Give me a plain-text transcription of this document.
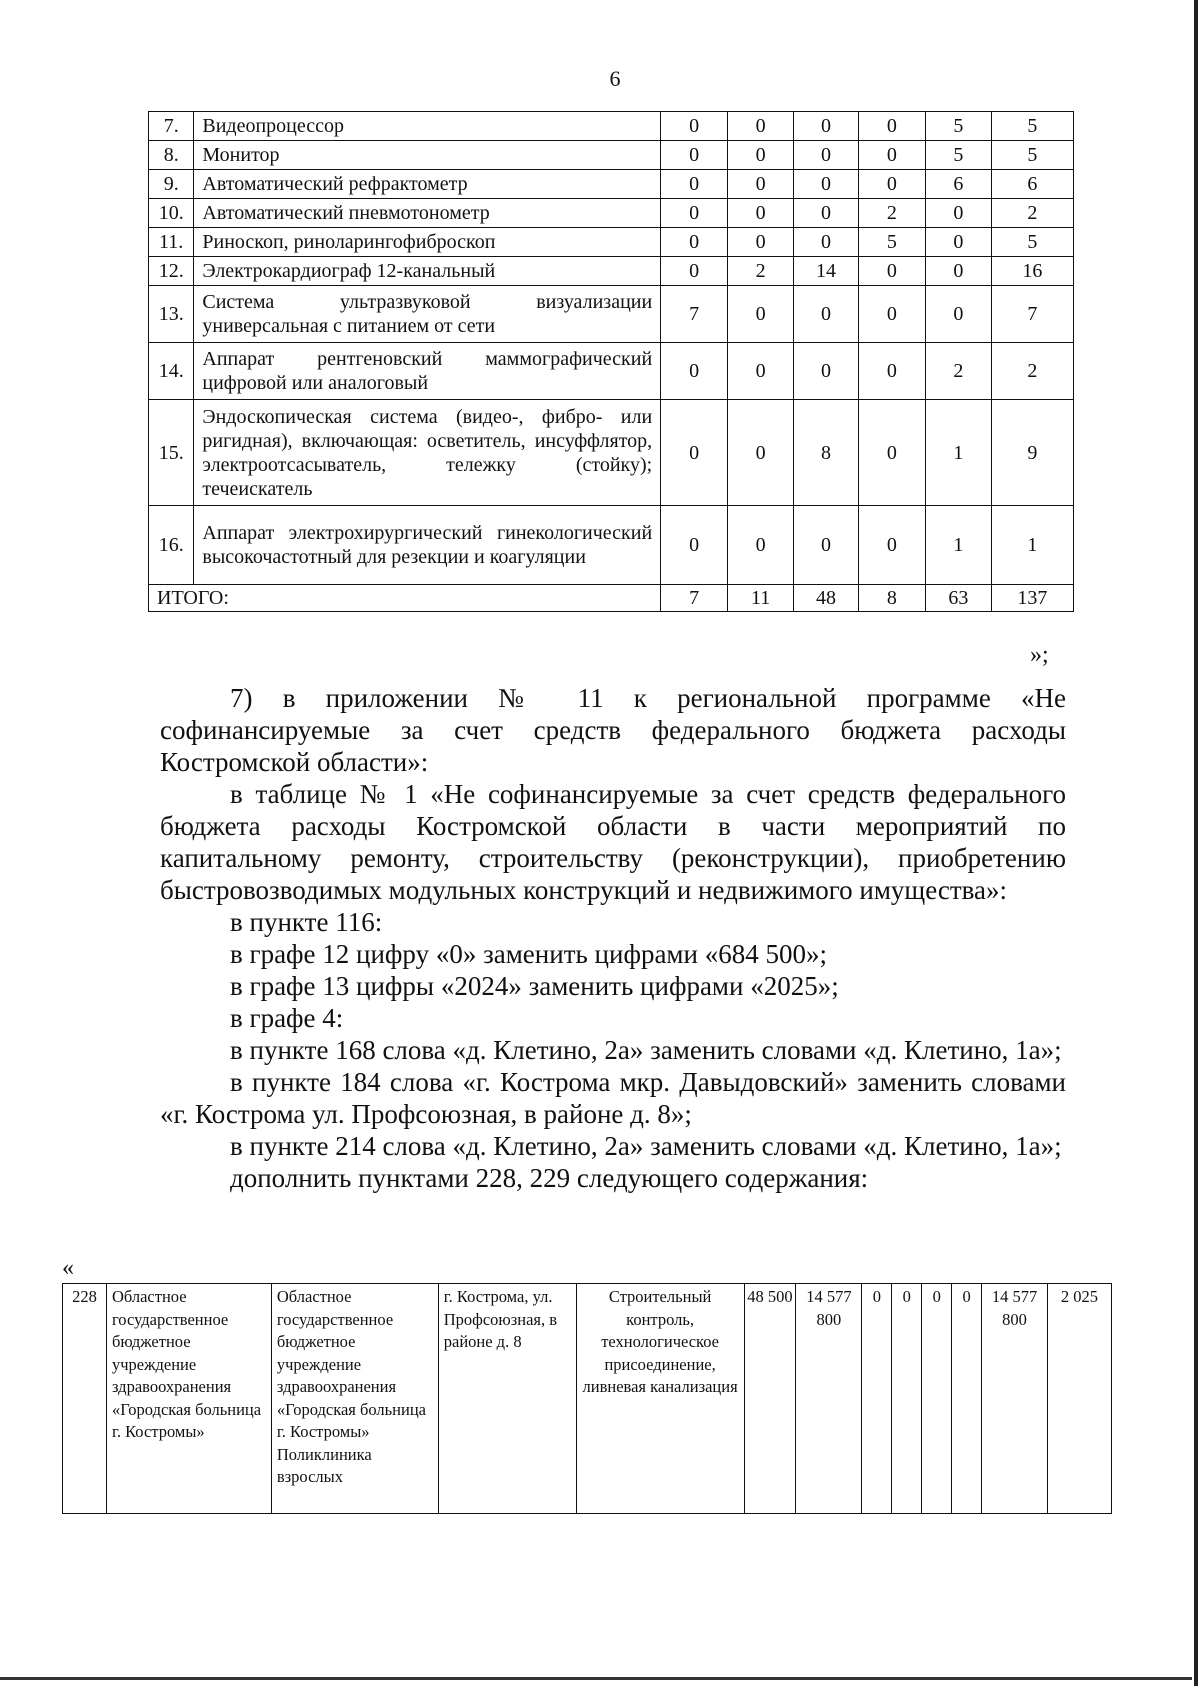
6
7.	Видеопроцессор	0	0	0	0	5	5
8.	Монитор	0	0	0	0	5	5
9.	Автоматический рефрактометр	0	0	0	0	6	6
10.	Автоматический пневмотонометр	0	0	0	2	0	2
11.	Риноскоп, риноларингофиброскоп	0	0	0	5	0	5
12.	Электрокардиограф 12-канальный	0	2	14	0	0	16
13.	Система ультразвуковой визуализации универсальная с питанием от сети	7	0	0	0	0	7
14.	Аппарат рентгеновский маммографический цифровой или аналоговый	0	0	0	0	2	2
15.	Эндоскопическая система (видео-, фибро- или ригидная), включающая: осветитель, инсуффлятор, электроотсасыватель, тележку (стойку); течеискатель	0	0	8	0	1	9
16.	Аппарат электрохирургический гинекологический высокочастотный для резекции и коагуляции	0	0	0	0	1	1
ИТОГО:		7	11	48	8	63	137
»;

7) в приложении № 11 к региональной программе «Не софинансируемые за счет средств федерального бюджета расходы Костромской области»:

в таблице № 1 «Не софинансируемые за счет средств федерального бюджета расходы Костромской области в части мероприятий по капитальному ремонту, строительству (реконструкции), приобретению быстровозводимых модульных конструкций и недвижимого имущества»:

в пункте 116:

в графе 12 цифру «0» заменить цифрами «684 500»;

в графе 13 цифры «2024» заменить цифрами «2025»;

в графе 4:

в пункте 168 слова «д. Клетино, 2а» заменить словами «д. Клетино, 1а»;

в пункте 184 слова «г. Кострома мкр. Давыдовский» заменить словами «г. Кострома ул. Профсоюзная, в районе д. 8»;

в пункте 214 слова «д. Клетино, 2а» заменить словами «д. Клетино, 1а»;

дополнить пунктами 228, 229 следующего содержания:

«
228	Областное государственное бюджетное учреждение здравоохранения «Городская больница г. Костромы»	Областное государственное бюджетное учреждение здравоохранения «Городская больница г. Костромы» Поликлиника взрослых	г. Кострома, ул. Профсоюзная, в районе д. 8	Строительный контроль, технологическое присоединение, ливневая канализация	48 500	14 577 800	0	0	0	0	14 577 800	2 025
